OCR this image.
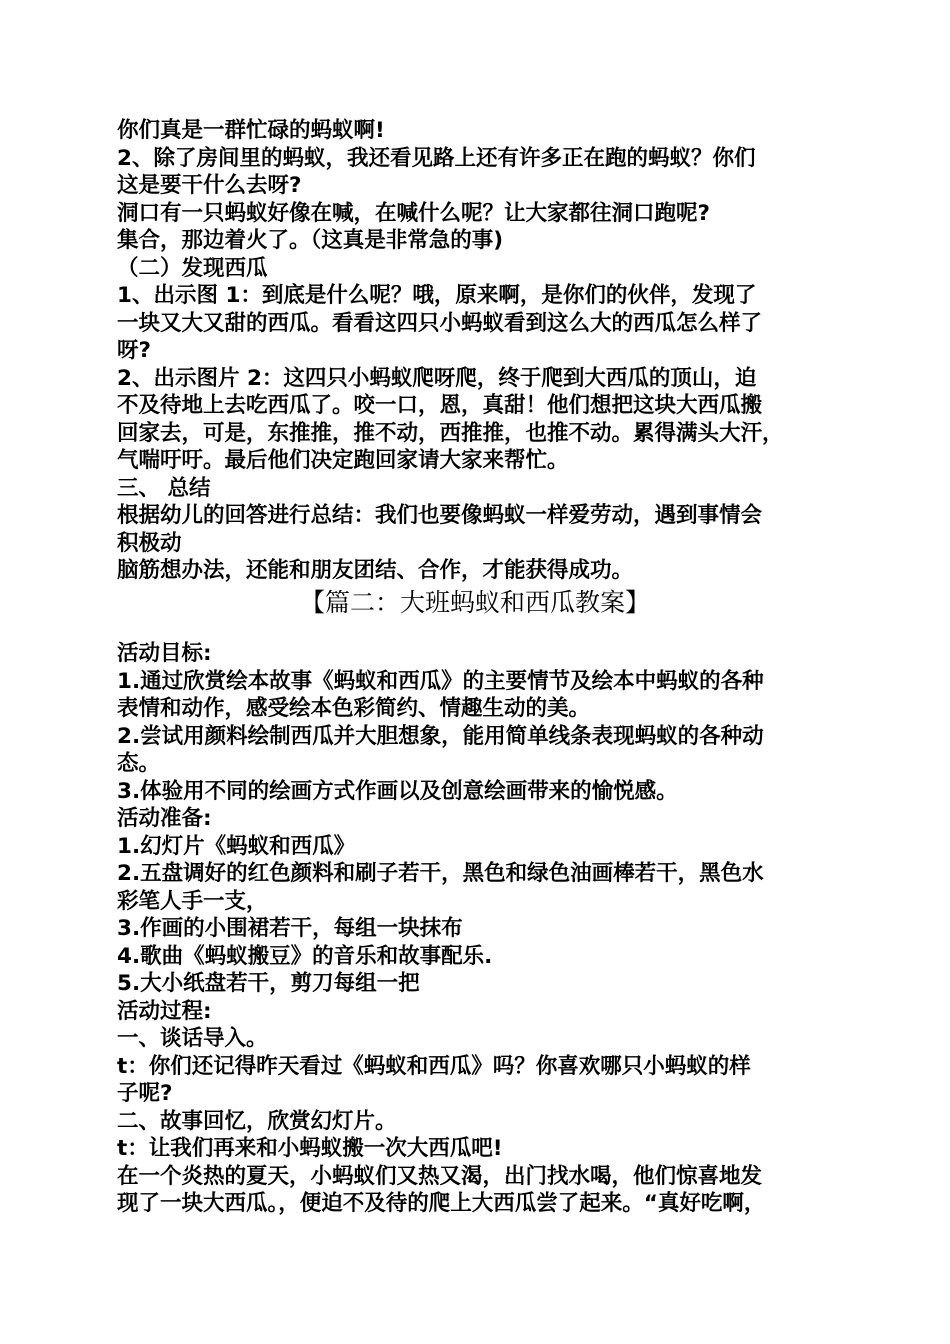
你们真是一群忙碌的蚂蚁啊!
2、除了房间里的蚂蚁，我还看见路上还有许多正在跑的蚂蚁？你们
这是要干什么去呀?
洞口有一只蚂蚁好像在喊，在喊什么呢？让大家都往洞口跑呢?
集合，那边着火了。（这真是非常急的事)
（二）发现西瓜
1、出示图 1：到底是什么呢？哦，原来啊，是你们的伙伴，发现了
一块又大又甜的西瓜。看看这四只小蚂蚁看到这么大的西瓜怎么样了
呀?
2、出示图片 2：这四只小蚂蚁爬呀爬，终于爬到大西瓜的顶山，迫
不及待地上去吃西瓜了。咬一口，恩，真甜！他们想把这块大西瓜搬
回家去，可是，东推推，推不动，西推推，也推不动。累得满头大汗，
气喘吁吁。最后他们决定跑回家请大家来帮忙。
三、 总结
根据幼儿的回答进行总结：我们也要像蚂蚁一样爱劳动，遇到事情会
积极动
脑筋想办法，还能和朋友团结、合作，才能获得成功。
【篇二：大班蚂蚁和西瓜教案】
活动目标:
1.通过欣赏绘本故事《蚂蚁和西瓜》的主要情节及绘本中蚂蚁的各种
表情和动作，感受绘本色彩简约、情趣生动的美。
2.尝试用颜料绘制西瓜并大胆想象，能用简单线条表现蚂蚁的各种动
态。
3.体验用不同的绘画方式作画以及创意绘画带来的愉悦感。
活动准备:
1.幻灯片《蚂蚁和西瓜》
2.五盘调好的红色颜料和刷子若干，黑色和绿色油画棒若干，黑色水
彩笔人手一支，
3.作画的小围裙若干，每组一块抹布
4.歌曲《蚂蚁搬豆》的音乐和故事配乐.
5.大小纸盘若干，剪刀每组一把
活动过程:
一、谈话导入。
t：你们还记得昨天看过《蚂蚁和西瓜》吗？你喜欢哪只小蚂蚁的样
子呢?
二、故事回忆，欣赏幻灯片。
t：让我们再来和小蚂蚁搬一次大西瓜吧!
在一个炎热的夏天，小蚂蚁们又热又渴，出门找水喝，他们惊喜地发
现了一块大西瓜。，便迫不及待的爬上大西瓜尝了起来。“真好吃啊，
